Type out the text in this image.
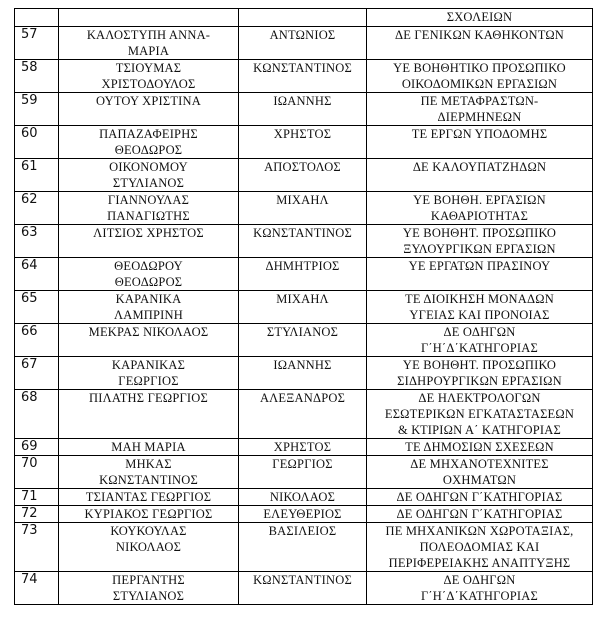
			ΣΧΟΛΕΙΩΝ

57	ΚΑΛΟΣΤΥΠΗ ΑΝΝΑ-
ΜΑΡΙΑ	ΑΝΤΩΝΙΟΣ	ΔΕ ΓΕΝΙΚΩΝ ΚΑΘΗΚΟΝΤΩΝ

58	ΤΣΙΟΥΜΑΣ
ΧΡΙΣΤΟΔΟΥΛΟΣ	ΚΩΝΣΤΑΝΤΙΝΟΣ	ΥΕ ΒΟΗΘΗΤΙΚΟ ΠΡΟΣΩΠΙΚΟ
ΟΙΚΟΔΟΜΙΚΩΝ ΕΡΓΑΣΙΩΝ

59	ΟΥΤΟΥ ΧΡΙΣΤΙΝΑ	ΙΩΑΝΝΗΣ	ΠΕ ΜΕΤΑΦΡΑΣΤΩΝ-
ΔΙΕΡΜΗΝΕΩΝ

60	ΠΑΠΑΖΑΦΕΙΡΗΣ
ΘΕΟΔΩΡΟΣ	ΧΡΗΣΤΟΣ	ΤΕ ΕΡΓΩΝ ΥΠΟΔΟΜΗΣ

61	ΟΙΚΟΝΟΜΟΥ
ΣΤΥΛΙΑΝΟΣ	ΑΠΟΣΤΟΛΟΣ	ΔΕ ΚΑΛΟΥΠΑΤΖΗΔΩΝ

62	ΓΙΑΝΝΟΥΛΑΣ
ΠΑΝΑΓΙΩΤΗΣ	ΜΙΧΑΗΛ	ΥΕ ΒΟΗΘΗ. ΕΡΓΑΣΙΩΝ
ΚΑΘΑΡΙΟΤΗΤΑΣ

63	ΛΙΤΣΙΟΣ ΧΡΗΣΤΟΣ	ΚΩΝΣΤΑΝΤΙΝΟΣ	ΥΕ ΒΟΗΘΗΤ. ΠΡΟΣΩΠΙΚΟ
ΞΥΛΟΥΡΓΙΚΩΝ ΕΡΓΑΣΙΩΝ

64	ΘΕΟΔΩΡΟΥ
ΘΕΟΔΩΡΟΣ	ΔΗΜΗΤΡΙΟΣ	ΥΕ ΕΡΓΑΤΩΝ ΠΡΑΣΙΝΟΥ

65	ΚΑΡΑΝΙΚΑ
ΛΑΜΠΡΙΝΗ	ΜΙΧΑΗΛ	ΤΕ ΔΙΟΙΚΗΣΗ ΜΟΝΑΔΩΝ
ΥΓΕΙΑΣ ΚΑΙ ΠΡΟΝΟΙΑΣ

66	ΜΕΚΡΑΣ ΝΙΚΟΛΑΟΣ	ΣΤΥΛΙΑΝΟΣ	ΔΕ ΟΔΗΓΩΝ
Γ΄Η΄Δ΄ΚΑΤΗΓΟΡΙΑΣ

67	ΚΑΡΑΝΙΚΑΣ
ΓΕΩΡΓΙΟΣ	ΙΩΑΝΝΗΣ	ΥΕ ΒΟΗΘΗΤ. ΠΡΟΣΩΠΙΚΟ
ΣΙΔΗΡΟΥΡΓΙΚΩΝ ΕΡΓΑΣΙΩΝ

68	ΠΙΛΑΤΗΣ ΓΕΩΡΓΙΟΣ	ΑΛΕΞΑΝΔΡΟΣ	ΔΕ ΗΛΕΚΤΡΟΛΟΓΩΝ
ΕΣΩΤΕΡΙΚΩΝ ΕΓΚΑΤΑΣΤΑΣΕΩΝ
& ΚΤΙΡΙΩΝ Α΄ ΚΑΤΗΓΟΡΙΑΣ

69	ΜΑΗ ΜΑΡΙΑ	ΧΡΗΣΤΟΣ	ΤΕ ΔΗΜΟΣΙΩΝ ΣΧΕΣΕΩΝ

70	ΜΗΚΑΣ
ΚΩΝΣΤΑΝΤΙΝΟΣ	ΓΕΩΡΓΙΟΣ	ΔΕ ΜΗΧΑΝΟΤΕΧΝΙΤΕΣ
ΟΧΗΜΑΤΩΝ

71	ΤΣΙΑΝΤΑΣ ΓΕΩΡΓΙΟΣ	ΝΙΚΟΛΑΟΣ	ΔΕ ΟΔΗΓΩΝ Γ΄ΚΑΤΗΓΟΡΙΑΣ

72	ΚΥΡΙΑΚΟΣ ΓΕΩΡΓΙΟΣ	ΕΛΕΥΘΕΡΙΟΣ	ΔΕ ΟΔΗΓΩΝ Γ΄ΚΑΤΗΓΟΡΙΑΣ

73	ΚΟΥΚΟΥΛΑΣ
ΝΙΚΟΛΑΟΣ	ΒΑΣΙΛΕΙΟΣ	ΠΕ ΜΗΧΑΝΙΚΩΝ ΧΩΡΟΤΑΞΙΑΣ,
ΠΟΛΕΟΔΟΜΙΑΣ ΚΑΙ
ΠΕΡΙΦΕΡΕΙΑΚΗΣ ΑΝΑΠΤΥΞΗΣ

74	ΠΕΡΓΑΝΤΗΣ
ΣΤΥΛΙΑΝΟΣ	ΚΩΝΣΤΑΝΤΙΝΟΣ	ΔΕ ΟΔΗΓΩΝ
Γ΄Η΄Δ΄ΚΑΤΗΓΟΡΙΑΣ
